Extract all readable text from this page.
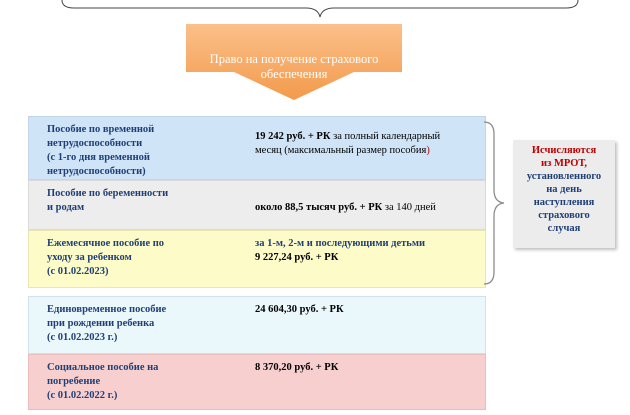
Право на получение страхового обеспечения
Пособие по временной
нетрудоспособности
(с 1-го дня временной
нетрудоспособности)
19 242 руб. + РК за полный календарный
месяц (максимальный размер пособия)
Пособие по беременности
и родам	около 88,5 тысяч руб. + РК за 140 дней
Ежемесячное пособие по
уходу за ребенком
(с 01.02.2023)
за 1-м, 2-м и последующими детьми
9 227,24 руб. + РК
Единовременное пособие
при рождении ребенка
(с 01.02.2023 г.)
24 604,30 руб. + РК
Социальное пособие на
погребение
(с 01.02.2022 г.)
8 370,20 руб. + РК
Исчисляются
из МРОТ,
установленного
на день
наступления
страхового
случая
